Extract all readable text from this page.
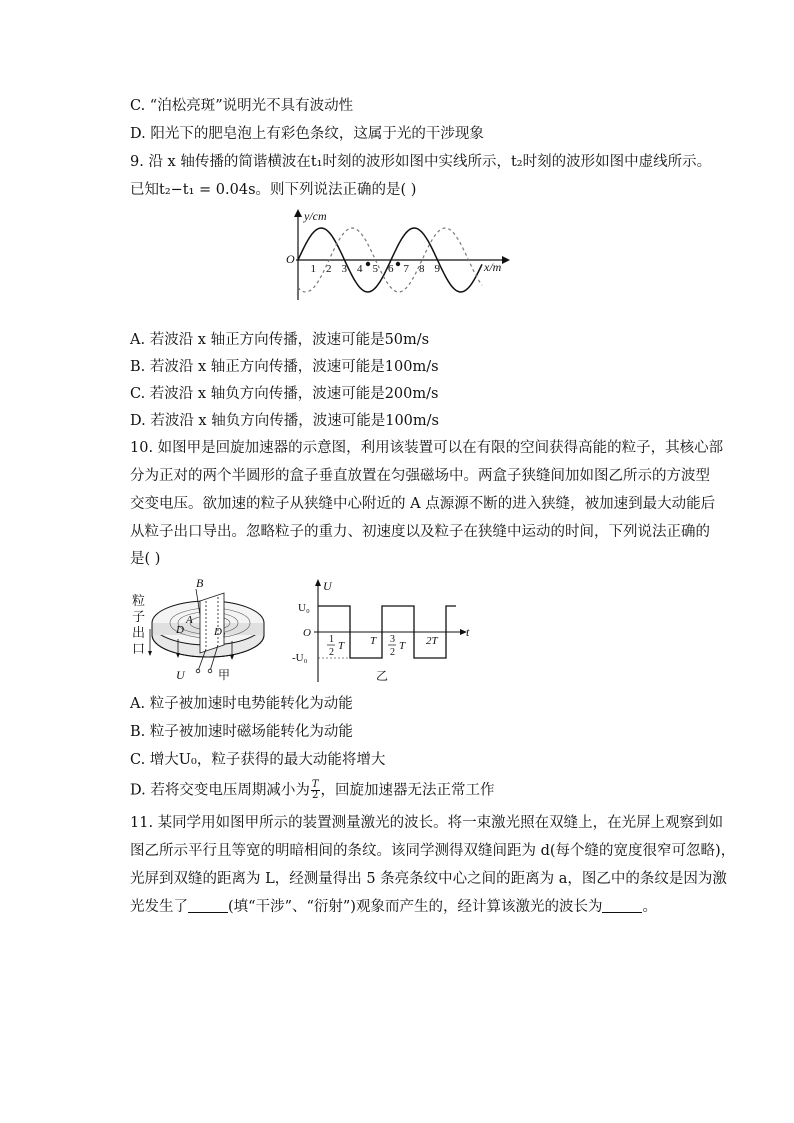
C. “泊松亮斑”说明光不具有波动性
D. 阳光下的肥皂泡上有彩色条纹，这属于光的干涉现象
9. 沿 x 轴传播的简谐横波在t₁时刻的波形如图中实线所示，t₂时刻的波形如图中虚线所示。
已知t₂−t₁ = 0.04s。则下列说法正确的是( )
y/cm
x/m
O
1 2 3 4 5 6 7 8 9
A. 若波沿 x 轴正方向传播，波速可能是50m/s
B. 若波沿 x 轴正方向传播，波速可能是100m/s
C. 若波沿 x 轴负方向传播，波速可能是200m/s
D. 若波沿 x 轴负方向传播，波速可能是100m/s
10. 如图甲是回旋加速器的示意图，利用该装置可以在有限的空间获得高能的粒子，其核心部
分为正对的两个半圆形的盒子垂直放置在匀强磁场中。两盒子狭缝间加如图乙所示的方波型
交变电压。欲加速的粒子从狭缝中心附近的 A 点源源不断的进入狭缝，被加速到最大动能后
从粒子出口导出。忽略粒子的重力、初速度以及粒子在狭缝中运动的时间，下列说法正确的
是( )
粒
子
出
口
B
A
D	D₁
U	甲
U
t
U₀
-U₀
O
1
2
T T 3
2
T 2T
乙
A. 粒子被加速时电势能转化为动能
B. 粒子被加速时磁场能转化为动能
C. 增大U₀，粒子获得的最大动能将增大
D. 若将交变电压周期减小为 $\frac{T}{2}$ ，回旋加速器无法正常工作
11. 某同学用如图甲所示的装置测量激光的波长。将一束激光照在双缝上，在光屏上观察到如
图乙所示平行且等宽的明暗相间的条纹。该同学测得双缝间距为 d(每个缝的宽度很窄可忽略)，
光屏到双缝的距离为 L，经测量得出 5 条亮条纹中心之间的距离为 a，图乙中的条纹是因为激
光发生了	(填“干涉”、“衍射”)观象而产生的，经计算该激光的波长为	。
